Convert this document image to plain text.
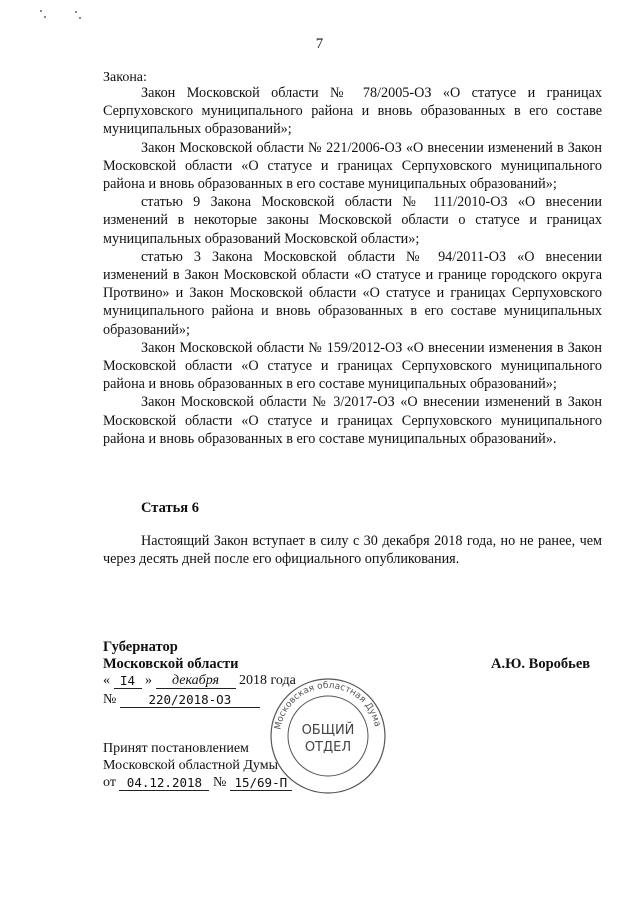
7
Закона:

Закон Московской области № 78/2005-ОЗ «О статусе и границах Серпуховского муниципального района и вновь образованных в его составе муниципальных образований»;

Закон Московской области № 221/2006-ОЗ «О внесении изменений в Закон Московской области «О статусе и границах Серпуховского муниципального района и вновь образованных в его составе муниципальных образований»;

статью 9 Закона Московской области № 111/2010-ОЗ «О внесении изменений в некоторые законы Московской области о статусе и границах муниципальных образований Московской области»;

статью 3 Закона Московской области № 94/2011-ОЗ «О внесении изменений в Закон Московской области «О статусе и границе городского округа Протвино» и Закон Московской области «О статусе и границах Серпуховского муниципального района и вновь образованных в его составе муниципальных образований»;

Закон Московской области № 159/2012-ОЗ «О внесении изменения в Закон Московской области «О статусе и границах Серпуховского муниципального района и вновь образованных в его составе муниципальных образований»;

Закон Московской области № 3/2017-ОЗ «О внесении изменений в Закон Московской области «О статусе и границах Серпуховского муниципального района и вновь образованных в его составе муниципальных образований».

Статья 6

Настоящий Закон вступает в силу с 30 декабря 2018 года, но не ранее, чем через десять дней после его официального опубликования.

Губернатор
Московской области	А.Ю. Воробьев
« I4 » декабря 2018 года
№	220/2018-ОЗ
Принят постановлением
Московской областной Думы
от 04.12.2018 № 15/69-П
Московская областная Дума
ОБЩИЙ
ОТДЕЛ
